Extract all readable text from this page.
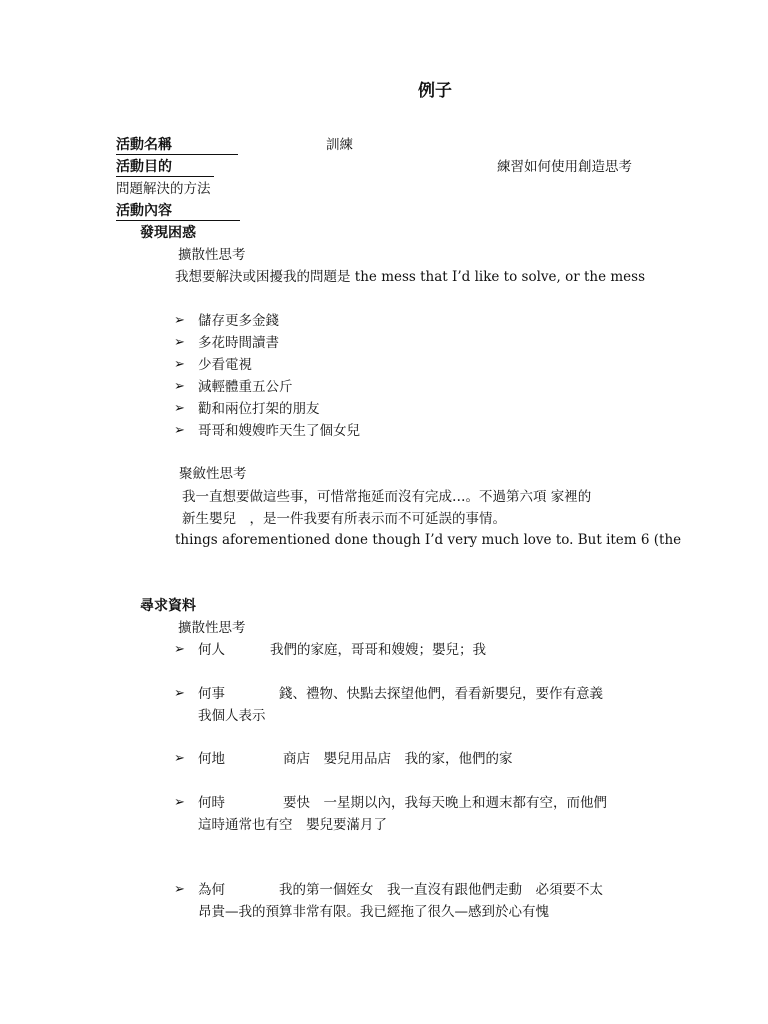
例子
活動名稱	訓練
活動目的	練習如何使用創造思考
問題解決的方法
活動內容
發現困惑
擴散性思考
我想要解決或困擾我的問題是 the mess that I’d like to solve, or the mess
➢ 儲存更多金錢
➢ 多花時間讀書
➢ 少看電視
➢ 減輕體重五公斤
➢ 勸和兩位打架的朋友
➢ 哥哥和嫂嫂昨天生了個女兒
聚斂性思考
我一直想要做這些事，可惜常拖延而沒有完成…。不過第六項 家裡的
新生嬰兒　，是一件我要有所表示而不可延誤的事情。
things aforementioned done though I’d very much love to. But item 6 (the
尋求資料
擴散性思考
➢ 何人	我們的家庭，哥哥和嫂嫂；嬰兒；我
➢ 何事	錢、禮物、快點去探望他們，看看新嬰兒，要作有意義
我個人表示
➢ 何地	商店　嬰兒用品店　我的家，他們的家
➢ 何時	要快　一星期以內，我每天晚上和週末都有空，而他們
這時通常也有空　嬰兒要滿月了
➢ 為何	我的第一個姪女　我一直沒有跟他們走動　必須要不太
昂貴—我的預算非常有限。我已經拖了很久—感到於心有愧
